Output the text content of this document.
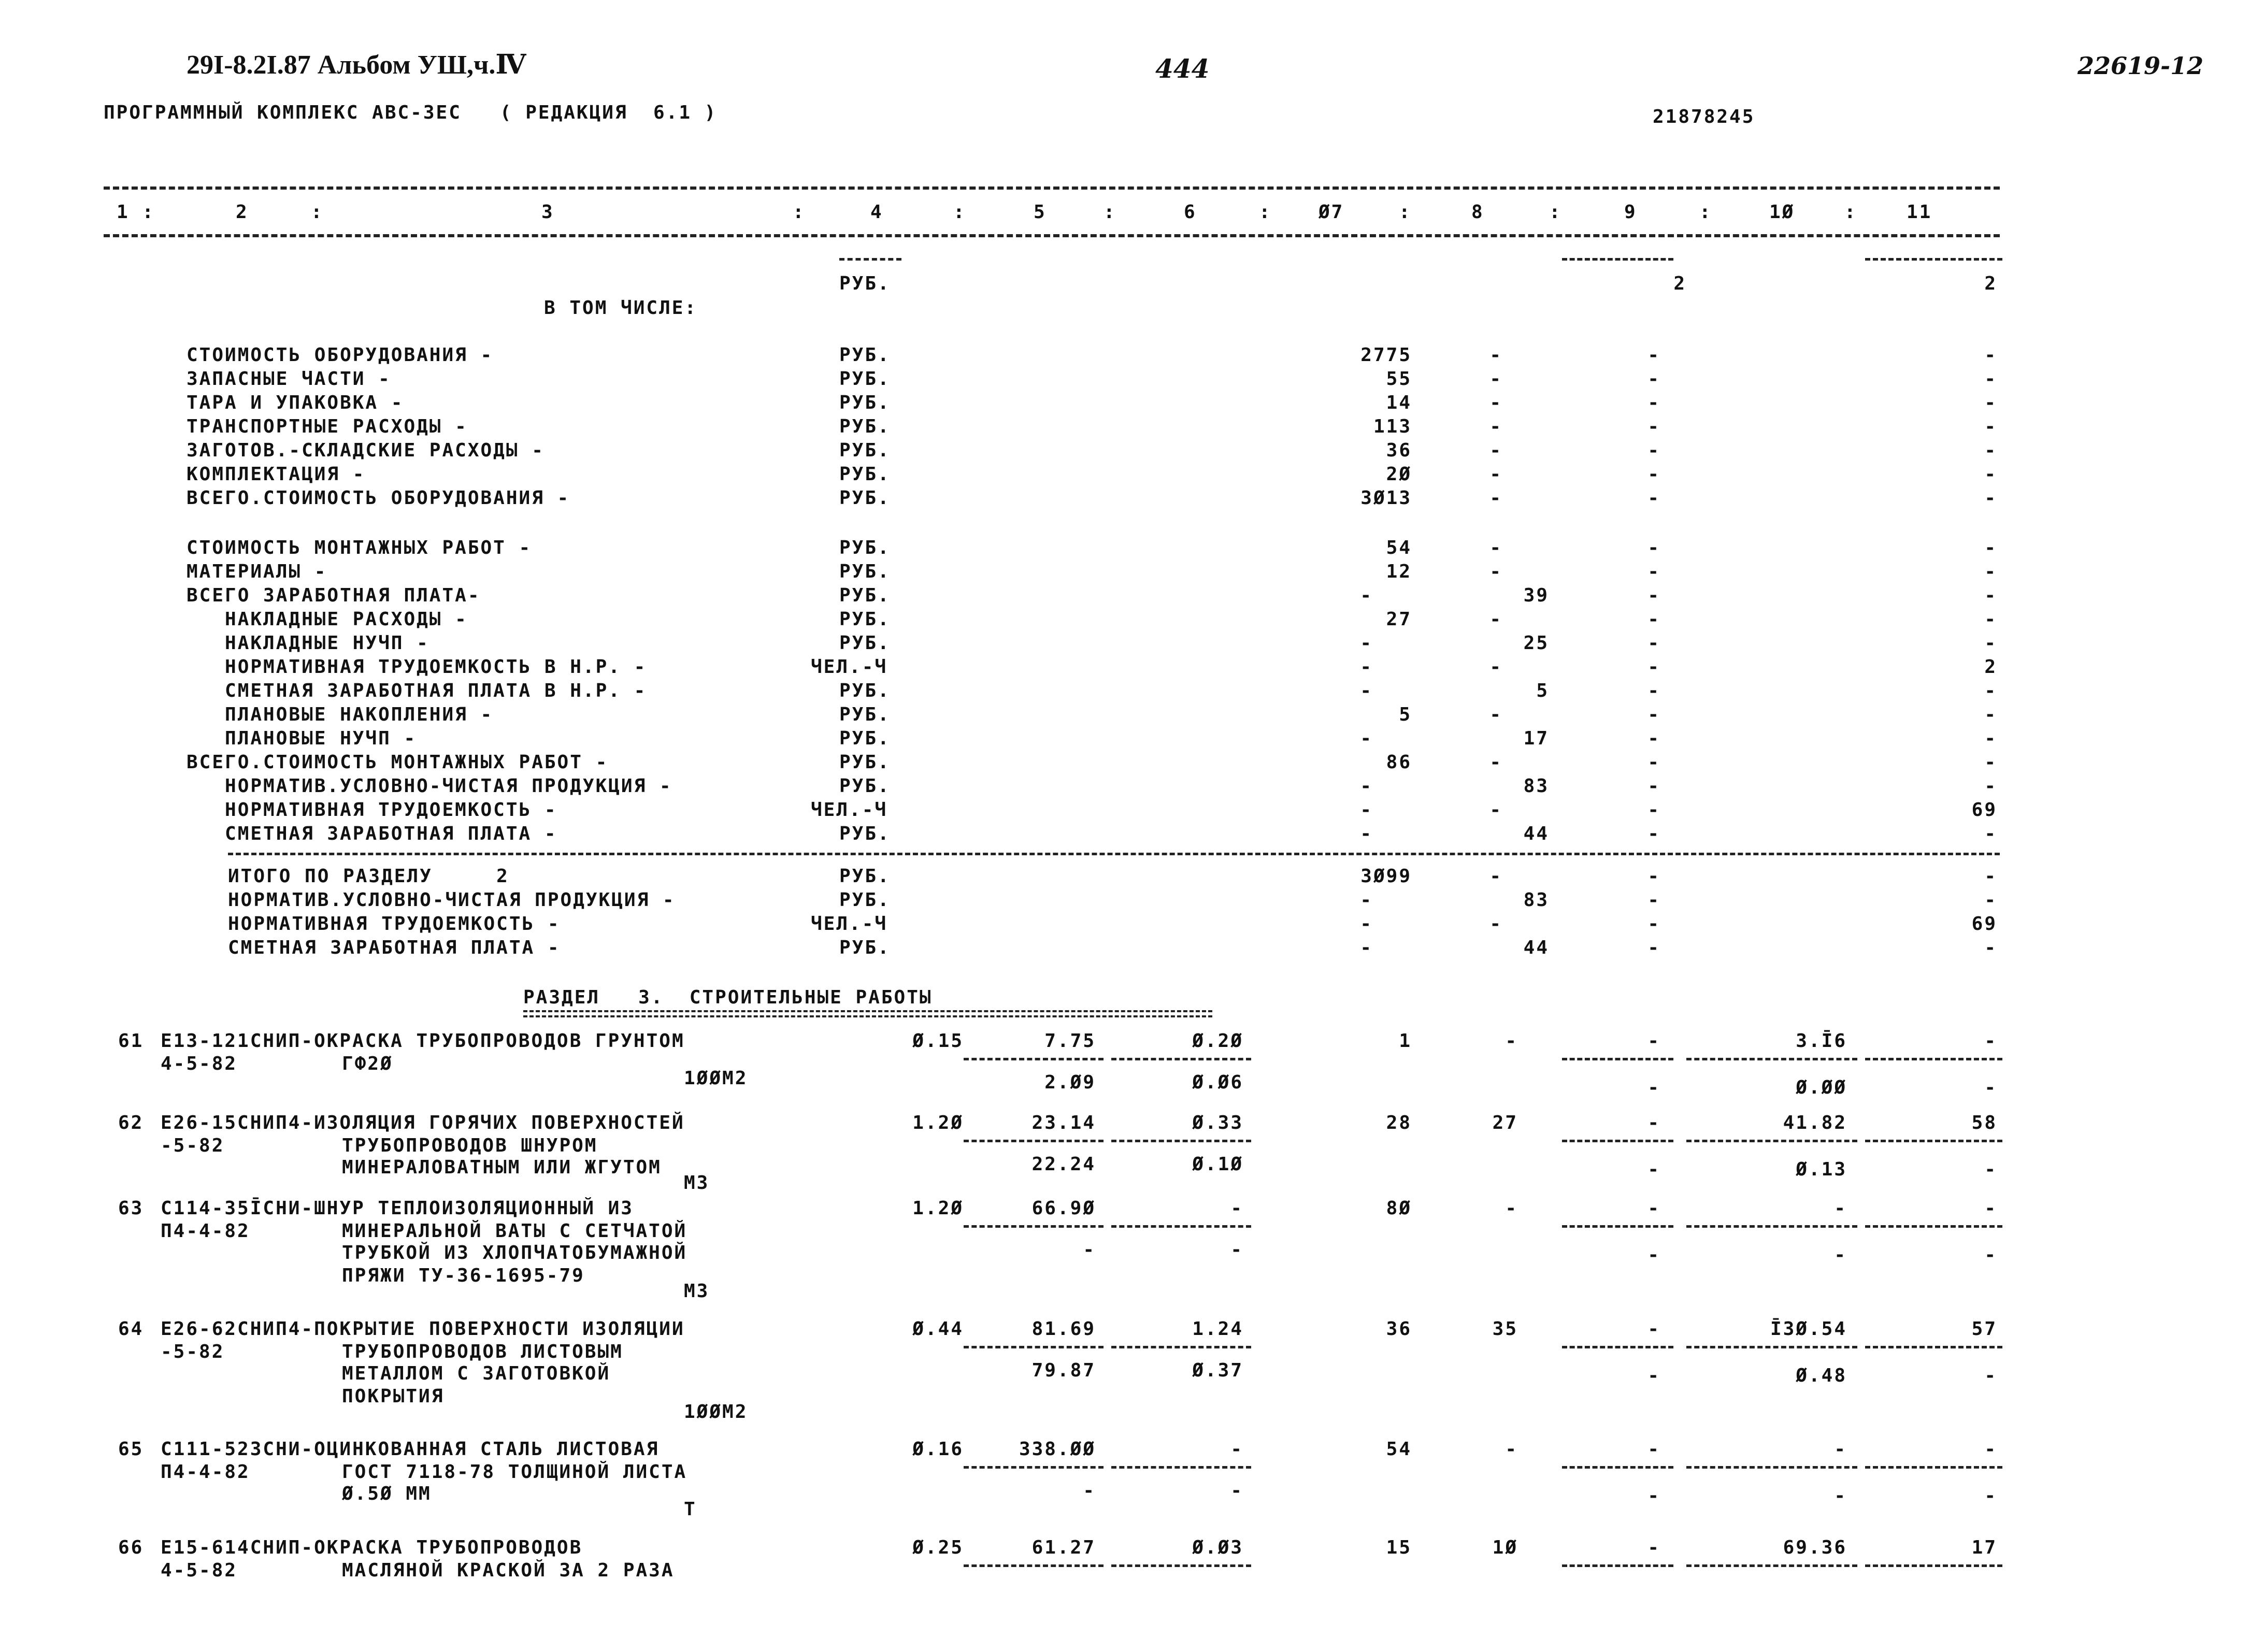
29I-8.2I.87 Альбом УШ,ч.Ⅳ	444	22619-12
ПРОГРАММНЫЙ КОМПЛЕКС АВС-3ЕС   ( РЕДАКЦИЯ  6.1 )	21878245
1 :	2	:	3	:	4	:	5	:	6	:	Ø7	:	8	:	9	:	1Ø	:	11
РУБ.	2	2
В ТОМ ЧИСЛЕ:
СТОИМОСТЬ ОБОРУДОВАНИЯ -	РУБ.	2775	-	-	-
ЗАПАСНЫЕ ЧАСТИ -	РУБ.	55	-	-	-
ТАРА И УПАКОВКА -	РУБ.	14	-	-	-
ТРАНСПОРТНЫЕ РАСХОДЫ -	РУБ.	113	-	-	-
ЗАГОТОВ.-СКЛАДСКИЕ РАСХОДЫ -	РУБ.	36	-	-	-
КОМПЛЕКТАЦИЯ -	РУБ.	2Ø	-	-	-
ВСЕГО.СТОИМОСТЬ ОБОРУДОВАНИЯ -	РУБ.	3Ø13	-	-	-
СТОИМОСТЬ МОНТАЖНЫХ РАБОТ -	РУБ.	54	-	-	-
МАТЕРИАЛЫ -	РУБ.	12	-	-	-
ВСЕГО ЗАРАБОТНАЯ ПЛАТА-	РУБ.	-	39	-	-
НАКЛАДНЫЕ РАСХОДЫ -	РУБ.	27	-	-	-
НАКЛАДНЫЕ НУЧП -	РУБ.	-	25	-	-
НОРМАТИВНАЯ ТРУДОЕМКОСТЬ В Н.Р. -	ЧЕЛ.-Ч	-	-	-	2
СМЕТНАЯ ЗАРАБОТНАЯ ПЛАТА В Н.Р. -	РУБ.	-	5	-	-
ПЛАНОВЫЕ НАКОПЛЕНИЯ -	РУБ.	5	-	-	-
ПЛАНОВЫЕ НУЧП -	РУБ.	-	17	-	-
ВСЕГО.СТОИМОСТЬ МОНТАЖНЫХ РАБОТ -	РУБ.	86	-	-	-
НОРМАТИВ.УСЛОВНО-ЧИСТАЯ ПРОДУКЦИЯ -	РУБ.	-	83	-	-
НОРМАТИВНАЯ ТРУДОЕМКОСТЬ -	ЧЕЛ.-Ч	-	-	-	69
СМЕТНАЯ ЗАРАБОТНАЯ ПЛАТА -	РУБ.	-	44	-	-
ИТОГО ПО РАЗДЕЛУ     2	РУБ.	3Ø99	-	-	-
НОРМАТИВ.УСЛОВНО-ЧИСТАЯ ПРОДУКЦИЯ -	РУБ.	-	83	-	-
НОРМАТИВНАЯ ТРУДОЕМКОСТЬ -	ЧЕЛ.-Ч	-	-	-	69
СМЕТНАЯ ЗАРАБОТНАЯ ПЛАТА -	РУБ.	-	44	-	-
РАЗДЕЛ   3.  СТРОИТЕЛЬНЫЕ РАБОТЫ
61 Е13-121СНИП-ОКРАСКА ТРУБОПРОВОДОВ ГРУНТОМ
4-5-82	ГФ2Ø
1ØØМ2
Ø.15	7.75	Ø.2Ø	1	-	-	3.Ī6	-
2.Ø9	Ø.Ø6	-	Ø.ØØ	-
62 Е26-15СНИП4-ИЗОЛЯЦИЯ ГОРЯЧИХ ПОВЕРХНОСТЕЙ
-5-82	ТРУБОПРОВОДОВ ШНУРОМ
МИНЕРАЛОВАТНЫМ ИЛИ ЖГУТОМ
М3
1.2Ø	23.14	Ø.33	28	27	-	41.82	58
22.24	Ø.1Ø	-	Ø.13	-
63 С114-35ĪСНИ-ШНУР ТЕПЛОИЗОЛЯЦИОННЫЙ ИЗ
П4-4-82	МИНЕРАЛЬНОЙ ВАТЫ С СЕТЧАТОЙ
ТРУБКОЙ ИЗ ХЛОПЧАТОБУМАЖНОЙ
ПРЯЖИ ТУ-36-1695-79
М3
1.2Ø	66.9Ø	-	8Ø	-	-	-	-
-	-	-	-	-
64 Е26-62СНИП4-ПОКРЫТИЕ ПОВЕРХНОСТИ ИЗОЛЯЦИИ
-5-82	ТРУБОПРОВОДОВ ЛИСТОВЫМ
МЕТАЛЛОМ С ЗАГОТОВКОЙ
ПОКРЫТИЯ
1ØØМ2
Ø.44	81.69	1.24	36	35	-	Ī3Ø.54	57
79.87	Ø.37	-	Ø.48	-
65 С111-523СНИ-ОЦИНКОВАННАЯ СТАЛЬ ЛИСТОВАЯ
П4-4-82	ГОСТ 7118-78 ТОЛЩИНОЙ ЛИСТА
Ø.5Ø ММ
Т
Ø.16	338.ØØ	-	54	-	-	-	-
-	-	-	-	-
66 Е15-614СНИП-ОКРАСКА ТРУБОПРОВОДОВ
4-5-82	МАСЛЯНОЙ КРАСКОЙ ЗА 2 РАЗА
Ø.25	61.27	Ø.Ø3	15	1Ø	-	69.36	17
